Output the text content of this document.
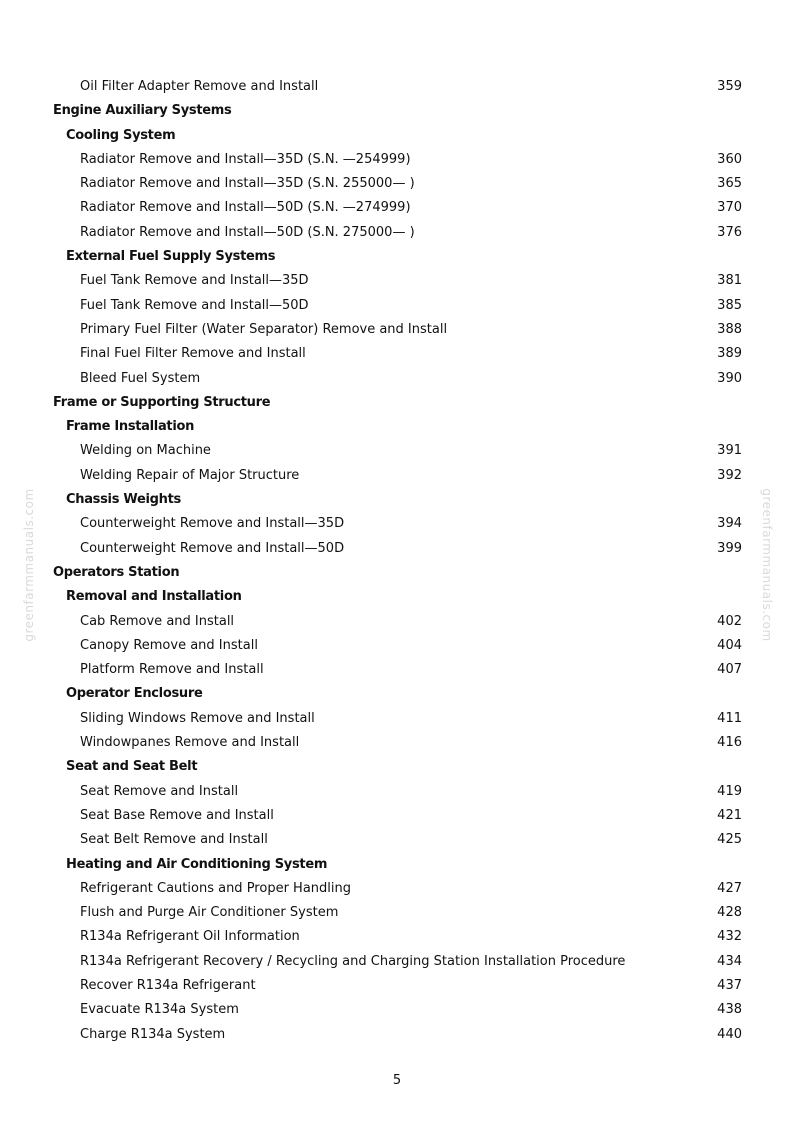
greenfarmmanuals.com	greenfarmmanuals.com
Oil Filter Adapter Remove and Install	359
Engine Auxiliary Systems
Cooling System
Radiator Remove and Install—35D (S.N. —254999)	360
Radiator Remove and Install—35D (S.N. 255000— )	365
Radiator Remove and Install—50D (S.N. —274999)	370
Radiator Remove and Install—50D (S.N. 275000— )	376
External Fuel Supply Systems
Fuel Tank Remove and Install—35D	381
Fuel Tank Remove and Install—50D	385
Primary Fuel Filter (Water Separator) Remove and Install	388
Final Fuel Filter Remove and Install	389
Bleed Fuel System	390
Frame or Supporting Structure
Frame Installation
Welding on Machine	391
Welding Repair of Major Structure	392
Chassis Weights
Counterweight Remove and Install—35D	394
Counterweight Remove and Install—50D	399
Operators Station
Removal and Installation
Cab Remove and Install	402
Canopy Remove and Install	404
Platform Remove and Install	407
Operator Enclosure
Sliding Windows Remove and Install	411
Windowpanes Remove and Install	416
Seat and Seat Belt
Seat Remove and Install	419
Seat Base Remove and Install	421
Seat Belt Remove and Install	425
Heating and Air Conditioning System
Refrigerant Cautions and Proper Handling	427
Flush and Purge Air Conditioner System	428
R134a Refrigerant Oil Information	432
R134a Refrigerant Recovery / Recycling and Charging Station Installation Procedure	434
Recover R134a Refrigerant	437
Evacuate R134a System	438
Charge R134a System	440
5
